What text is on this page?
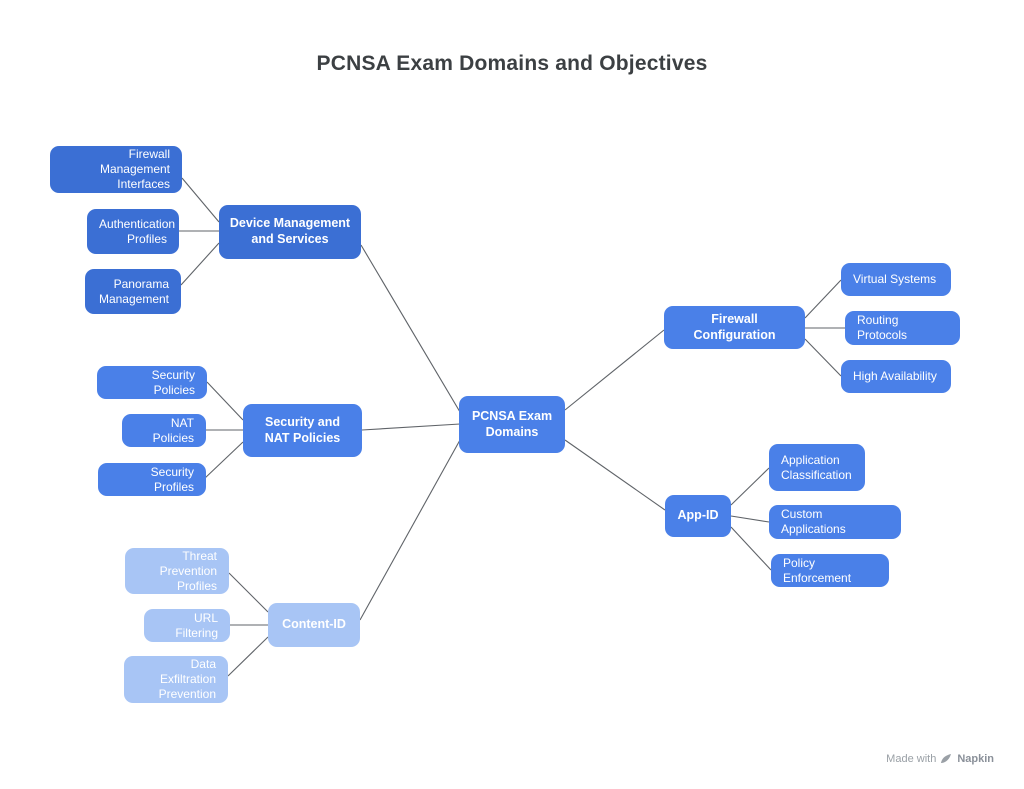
PCNSA Exam Domains and Objectives
PCNSA Exam Domains
Device Management and Services
Firewall Management Interfaces
Authentication Profiles
Panorama Management
Security and NAT Policies
Security Policies
NAT Policies
Security Profiles
Content-ID
Threat Prevention Profiles
URL Filtering
Data Exfiltration Prevention
Firewall Configuration
Virtual Systems
Routing Protocols
High Availability
App-ID
Application Classification
Custom Applications
Policy Enforcement
Made with Napkin
